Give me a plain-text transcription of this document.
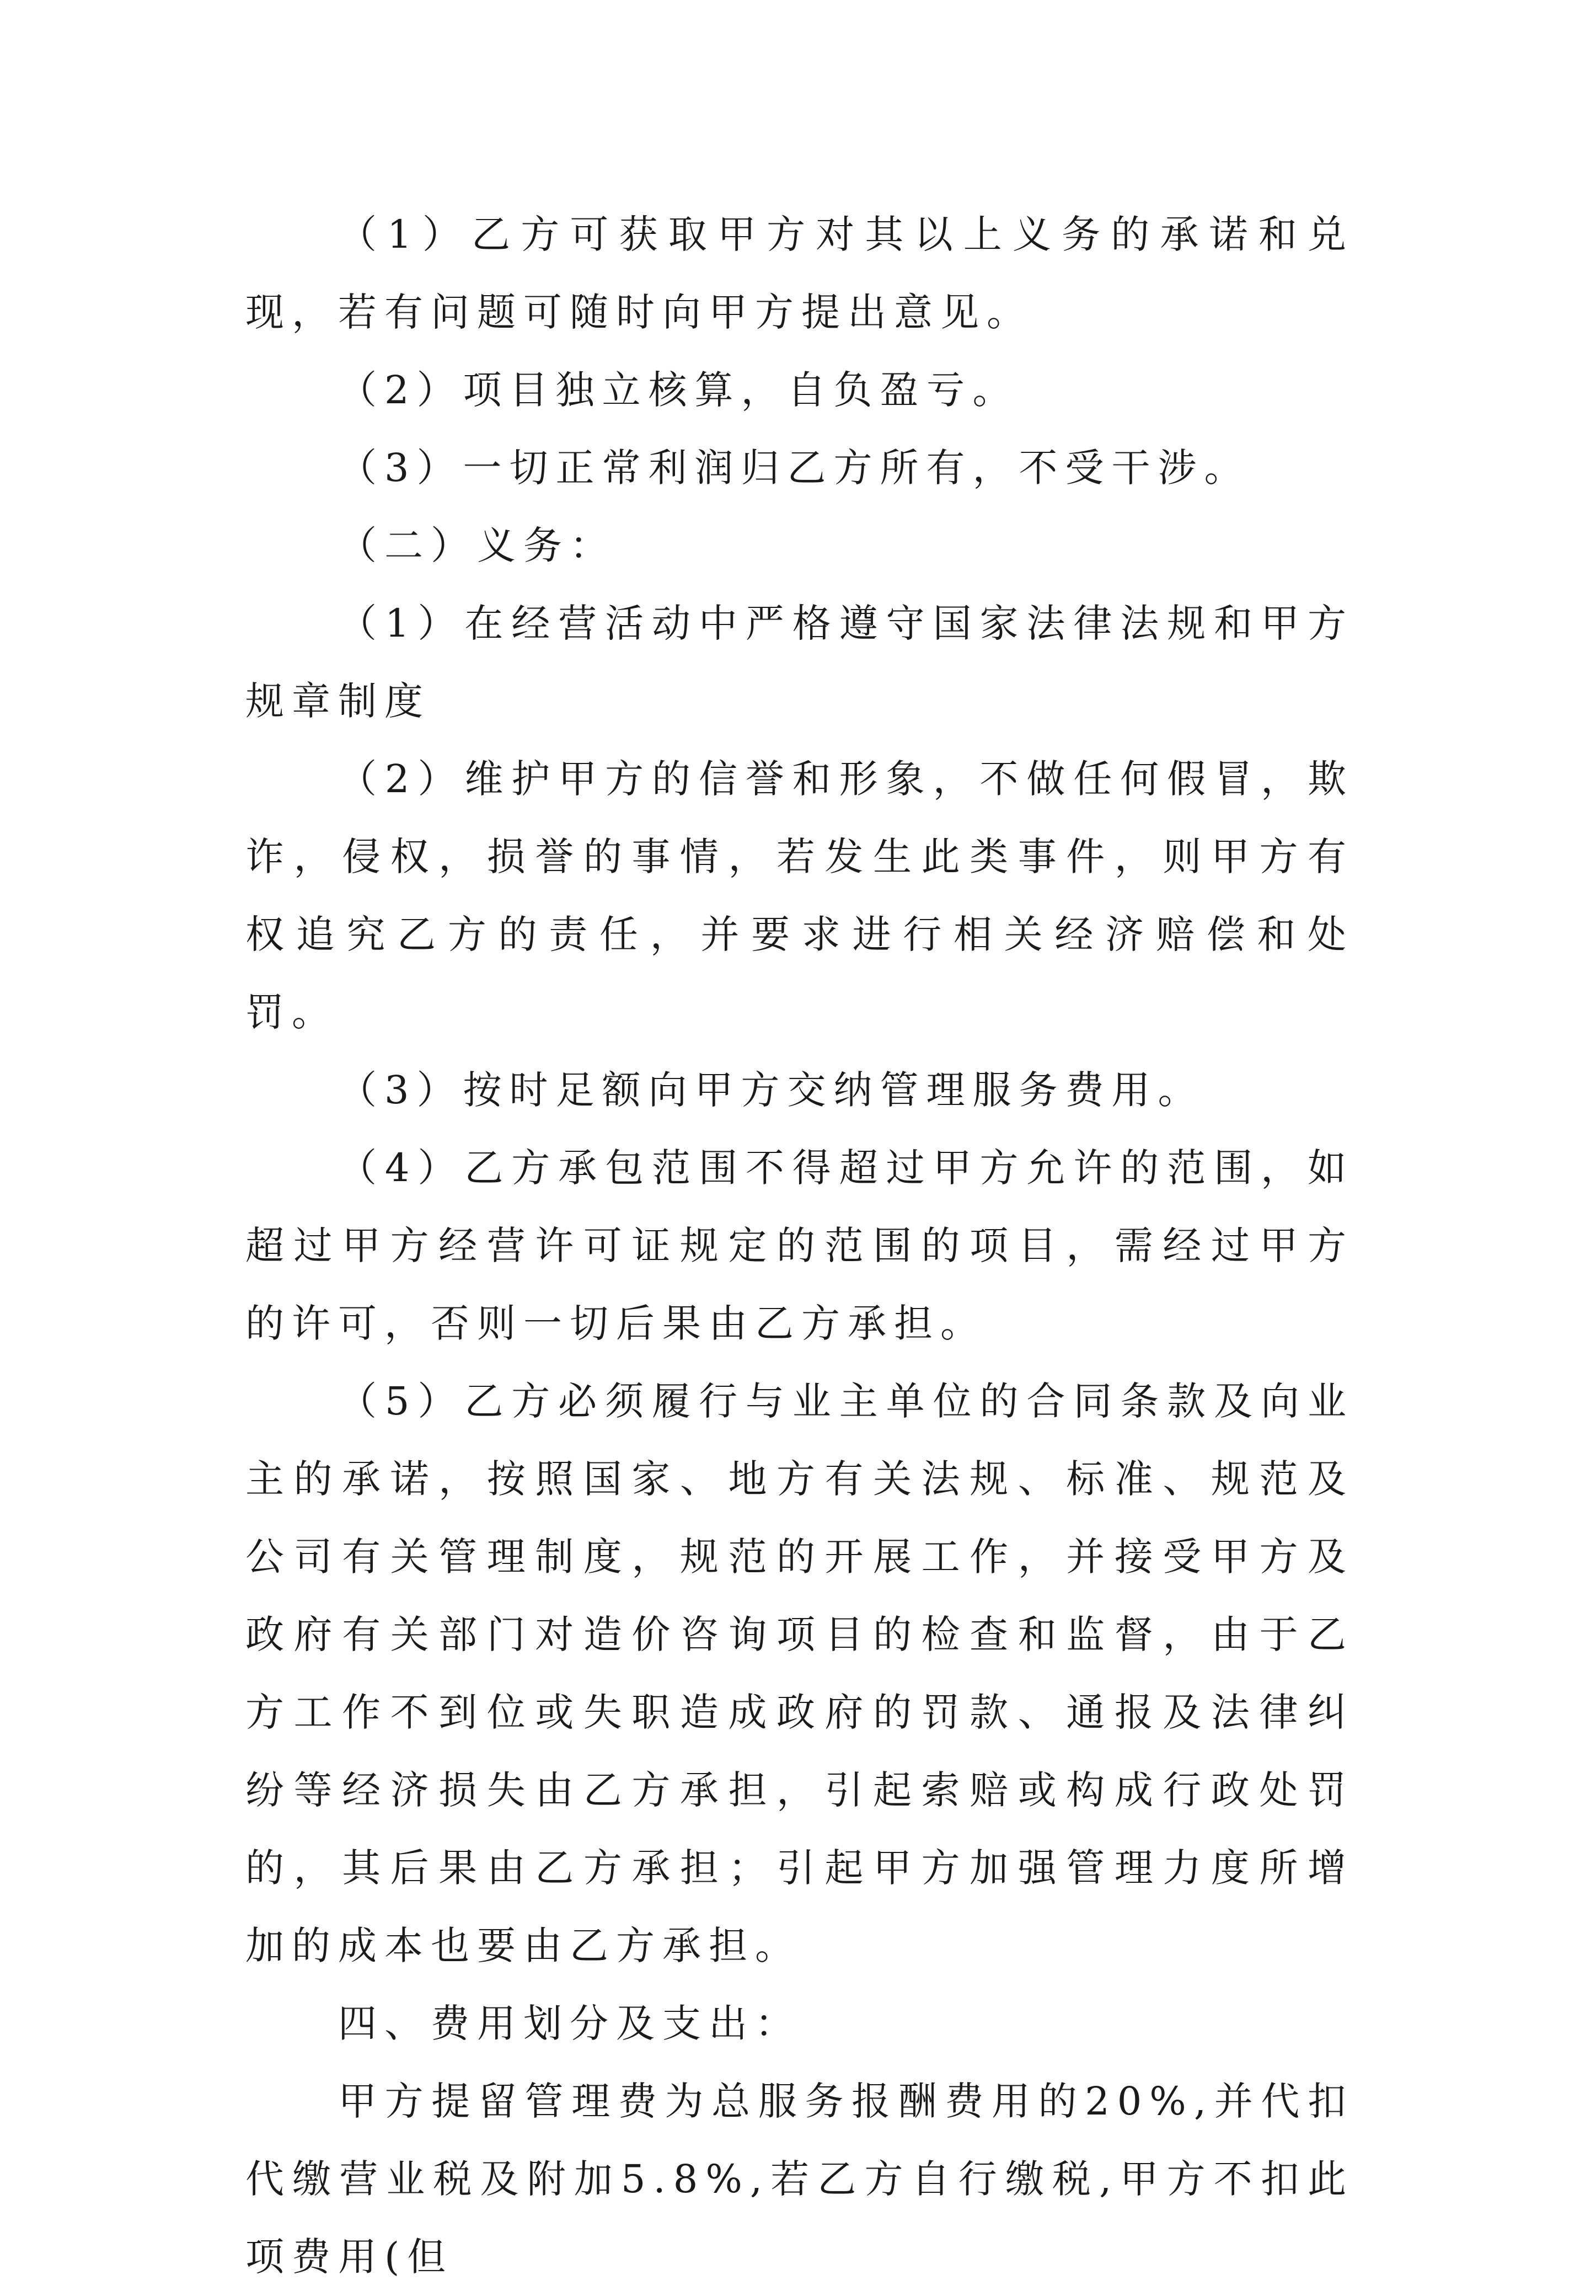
（1）乙方可获取甲方对其以上义务的承诺和兑现，若有问题可随时向甲方提出意见。

（2）项目独立核算，自负盈亏。

（3）一切正常利润归乙方所有，不受干涉。

（二）义务：

（1）在经营活动中严格遵守国家法律法规和甲方规章制度

（2）维护甲方的信誉和形象，不做任何假冒，欺诈，侵权，损誉的事情，若发生此类事件，则甲方有权追究乙方的责任，并要求进行相关经济赔偿和处罚。

（3）按时足额向甲方交纳管理服务费用。

（4）乙方承包范围不得超过甲方允许的范围，如超过甲方经营许可证规定的范围的项目，需经过甲方的许可，否则一切后果由乙方承担。

（5）乙方必须履行与业主单位的合同条款及向业主的承诺，按照国家、地方有关法规、标准、规范及公司有关管理制度，规范的开展工作，并接受甲方及政府有关部门对造价咨询项目的检查和监督，由于乙方工作不到位或失职造成政府的罚款、通报及法律纠纷等经济损失由乙方承担，引起索赔或构成行政处罚的，其后果由乙方承担；引起甲方加强管理力度所增加的成本也要由乙方承担。

四、费用划分及支出：

甲方提留管理费为总服务报酬费用的20%,并代扣代缴营业税及附加5.8%,若乙方自行缴税,甲方不扣此项费用(但
